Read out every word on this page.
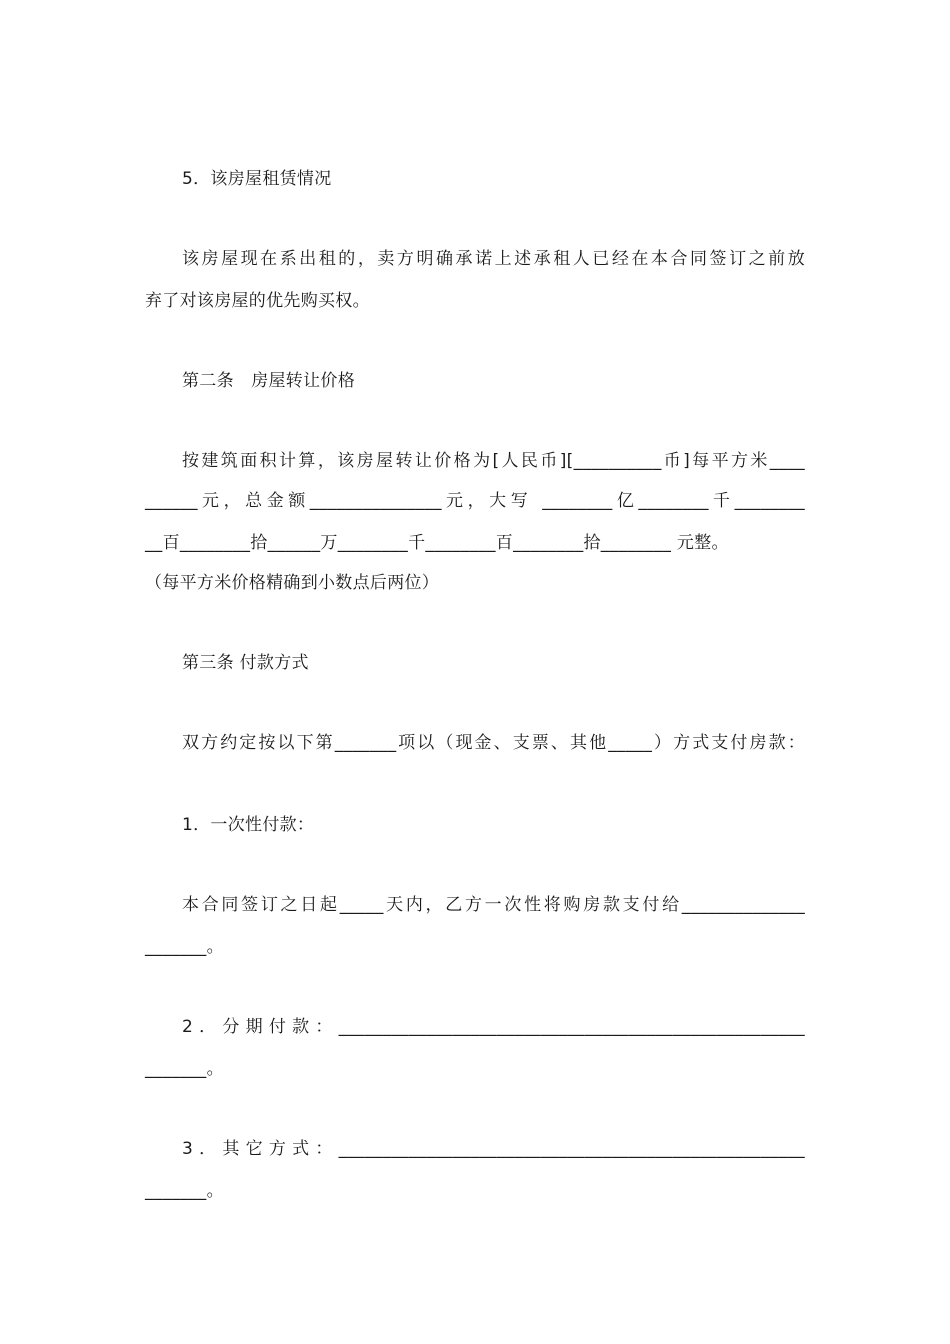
5．该房屋租赁情况
该房屋现在系出租的，卖方明确承诺上述承租人已经在本合同签订之前放
弃了对该房屋的优先购买权。
第二条　房屋转让价格
按建筑面积计算，该房屋转让价格为[人民币][__________币]每平方米____
______元，总金额_______________元，大写 ________亿________千________
__百________拾______万________千________百________拾________ 元整。
（每平方米价格精确到小数点后两位）
第三条 付款方式
双方约定按以下第_______项以（现金、支票、其他_____）方式支付房款：
1．一次性付款：
本合同签订之日起_____天内，乙方一次性将购房款支付给______________
_______。
2．分期付款：_____________________________________________________
_______。
3．其它方式：_____________________________________________________
_______。
